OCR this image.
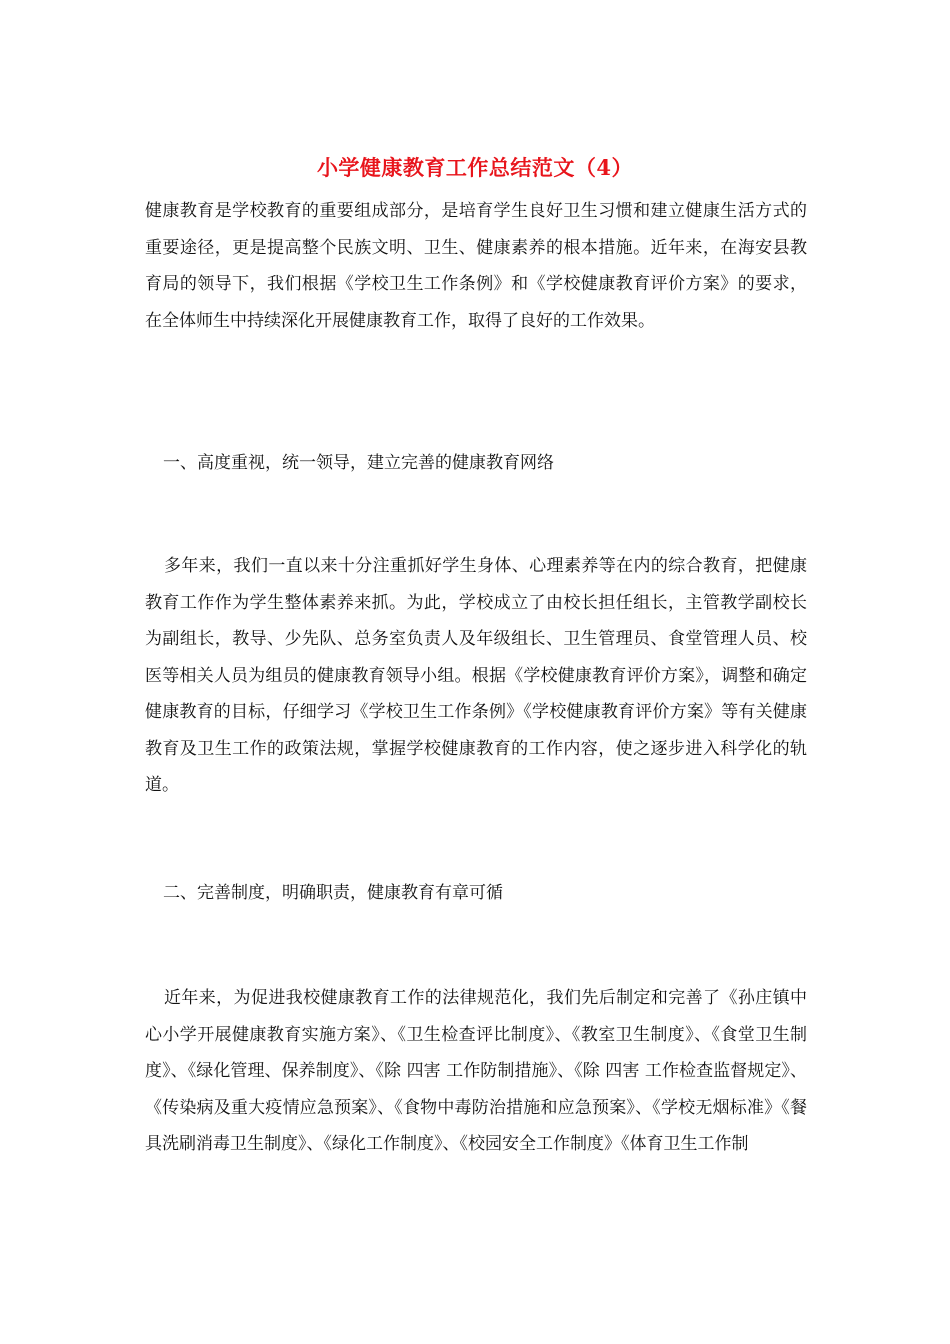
小学健康教育工作总结范文（4）

健康教育是学校教育的重要组成部分，是培育学生良好卫生习惯和建立健康生活方式的重要途径，更是提高整个民族文明、卫生、健康素养的根本措施。近年来，在海安县教育局的领导下，我们根据《学校卫生工作条例》和《学校健康教育评价方案》的要求，在全体师生中持续深化开展健康教育工作，取得了良好的工作效果。

一、高度重视，统一领导，建立完善的健康教育网络

多年来，我们一直以来十分注重抓好学生身体、心理素养等在内的综合教育，把健康教育工作作为学生整体素养来抓。为此，学校成立了由校长担任组长，主管教学副校长为副组长，教导、少先队、总务室负责人及年级组长、卫生管理员、食堂管理人员、校医等相关人员为组员的健康教育领导小组。根据《学校健康教育评价方案》，调整和确定健康教育的目标，仔细学习《学校卫生工作条例》《学校健康教育评价方案》等有关健康教育及卫生工作的政策法规，掌握学校健康教育的工作内容，使之逐步进入科学化的轨道。

二、完善制度，明确职责，健康教育有章可循

近年来，为促进我校健康教育工作的法律规范化，我们先后制定和完善了《孙庄镇中心小学开展健康教育实施方案》、《卫生检查评比制度》、《教室卫生制度》、《食堂卫生制度》、《绿化管理、保养制度》、《除 四害 工作防制措施》、《除 四害 工作检查监督规定》、《传染病及重大疫情应急预案》、《食物中毒防治措施和应急预案》、《学校无烟标准》《餐具洗刷消毒卫生制度》、《绿化工作制度》、《校园安全工作制度》《体育卫生工作制
